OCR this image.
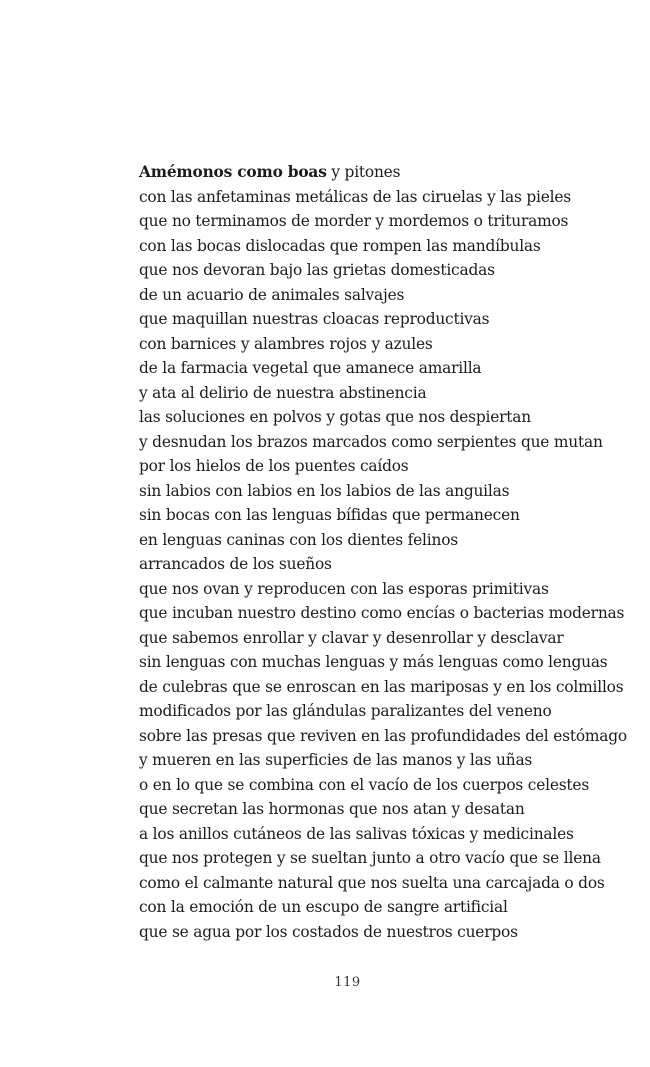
Amémonos como boas y pitones
con las anfetaminas metálicas de las ciruelas y las pieles
que no terminamos de morder y mordemos o trituramos
con las bocas dislocadas que rompen las mandíbulas
que nos devoran bajo las grietas domesticadas
de un acuario de animales salvajes
que maquillan nuestras cloacas reproductivas
con barnices y alambres rojos y azules
de la farmacia vegetal que amanece amarilla
y ata al delirio de nuestra abstinencia
las soluciones en polvos y gotas que nos despiertan
y desnudan los brazos marcados como serpientes que mutan
por los hielos de los puentes caídos
sin labios con labios en los labios de las anguilas
sin bocas con las lenguas bífidas que permanecen
en lenguas caninas con los dientes felinos
arrancados de los sueños
que nos ovan y reproducen con las esporas primitivas
que incuban nuestro destino como encías o bacterias modernas
que sabemos enrollar y clavar y desenrollar y desclavar
sin lenguas con muchas lenguas y más lenguas como lenguas
de culebras que se enroscan en las mariposas y en los colmillos
modificados por las glándulas paralizantes del veneno
sobre las presas que reviven en las profundidades del estómago
y mueren en las superficies de las manos y las uñas
o en lo que se combina con el vacío de los cuerpos celestes
que secretan las hormonas que nos atan y desatan
a los anillos cutáneos de las salivas tóxicas y medicinales
que nos protegen y se sueltan junto a otro vacío que se llena
como el calmante natural que nos suelta una carcajada o dos
con la emoción de un escupo de sangre artificial
que se agua por los costados de nuestros cuerpos
119
